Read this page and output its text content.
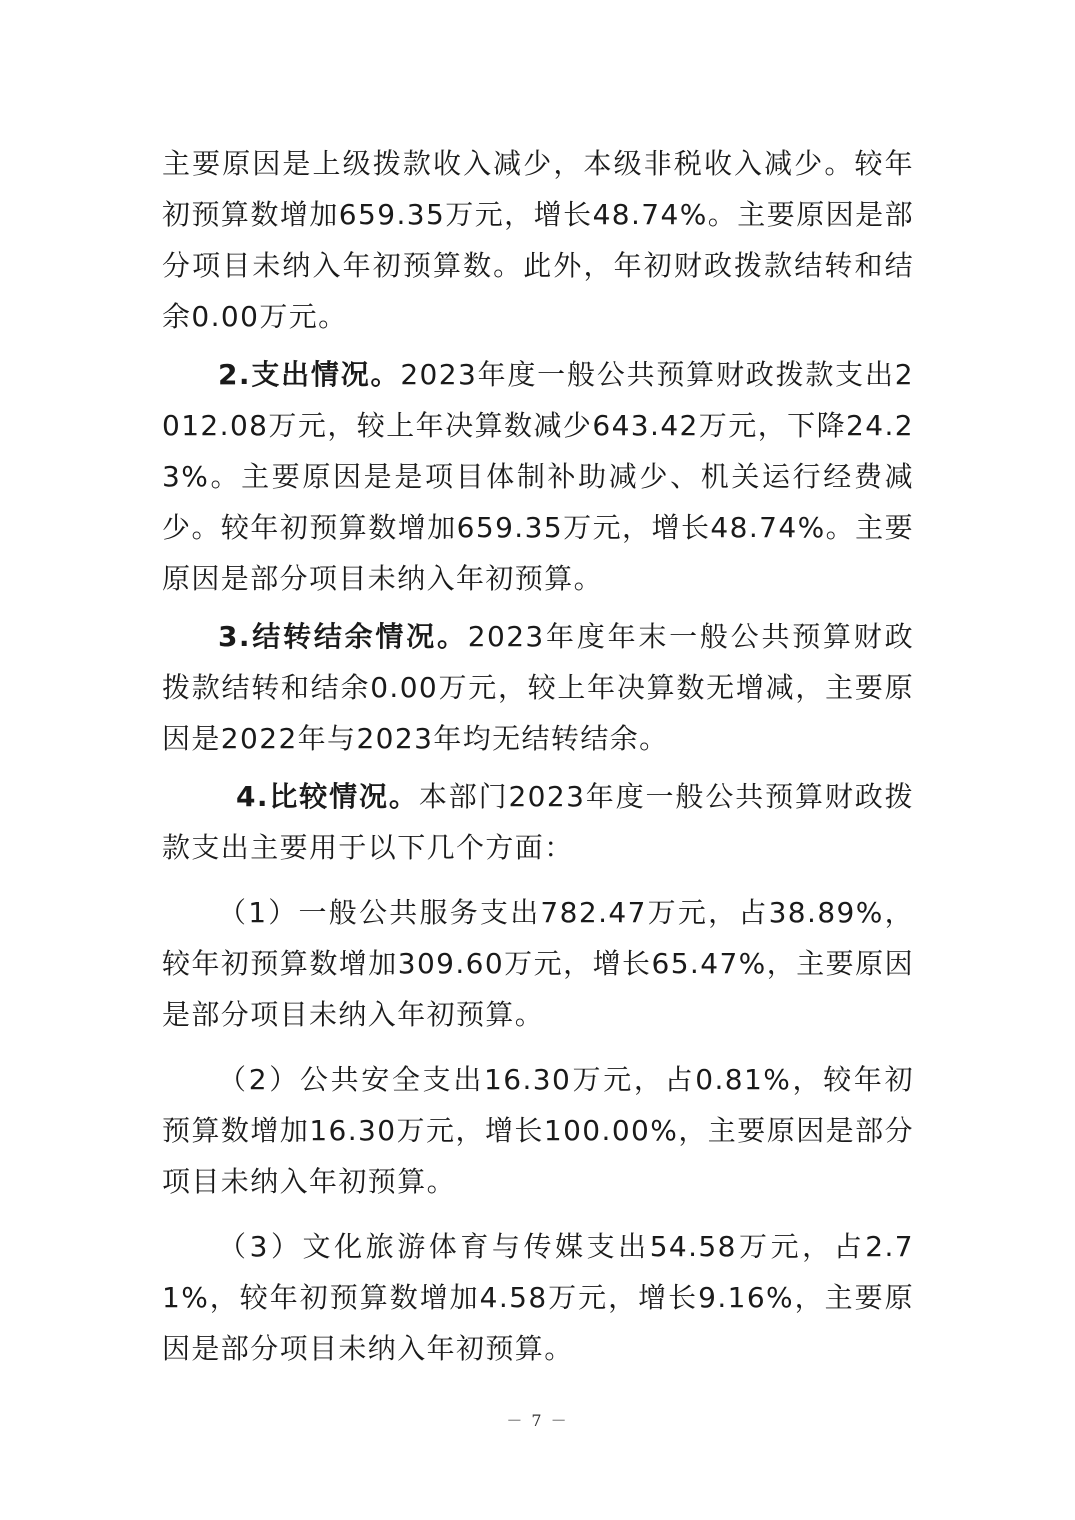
主要原因是上级拨款收入减少，本级非税收入减少。较年初预算数增加659.35万元，增长48.74%。主要原因是部分项目未纳入年初预算数。此外，年初财政拨款结转和结余0.00万元。

2.支出情况。2023年度一般公共预算财政拨款支出2012.08万元，较上年决算数减少643.42万元，下降24.23%。主要原因是是项目体制补助减少、机关运行经费减少。较年初预算数增加659.35万元，增长48.74%。主要原因是部分项目未纳入年初预算。

3.结转结余情况。2023年度年末一般公共预算财政拨款结转和结余0.00万元，较上年决算数无增减，主要原因是2022年与2023年均无结转结余。

4.比较情况。本部门2023年度一般公共预算财政拨款支出主要用于以下几个方面：

（1）一般公共服务支出782.47万元，占38.89%，较年初预算数增加309.60万元，增长65.47%，主要原因是部分项目未纳入年初预算。

（2）公共安全支出16.30万元，占0.81%，较年初预算数增加16.30万元，增长100.00%，主要原因是部分项目未纳入年初预算。

（3）文化旅游体育与传媒支出54.58万元，占2.71%，较年初预算数增加4.58万元，增长9.16%，主要原因是部分项目未纳入年初预算。

－ 7 －
